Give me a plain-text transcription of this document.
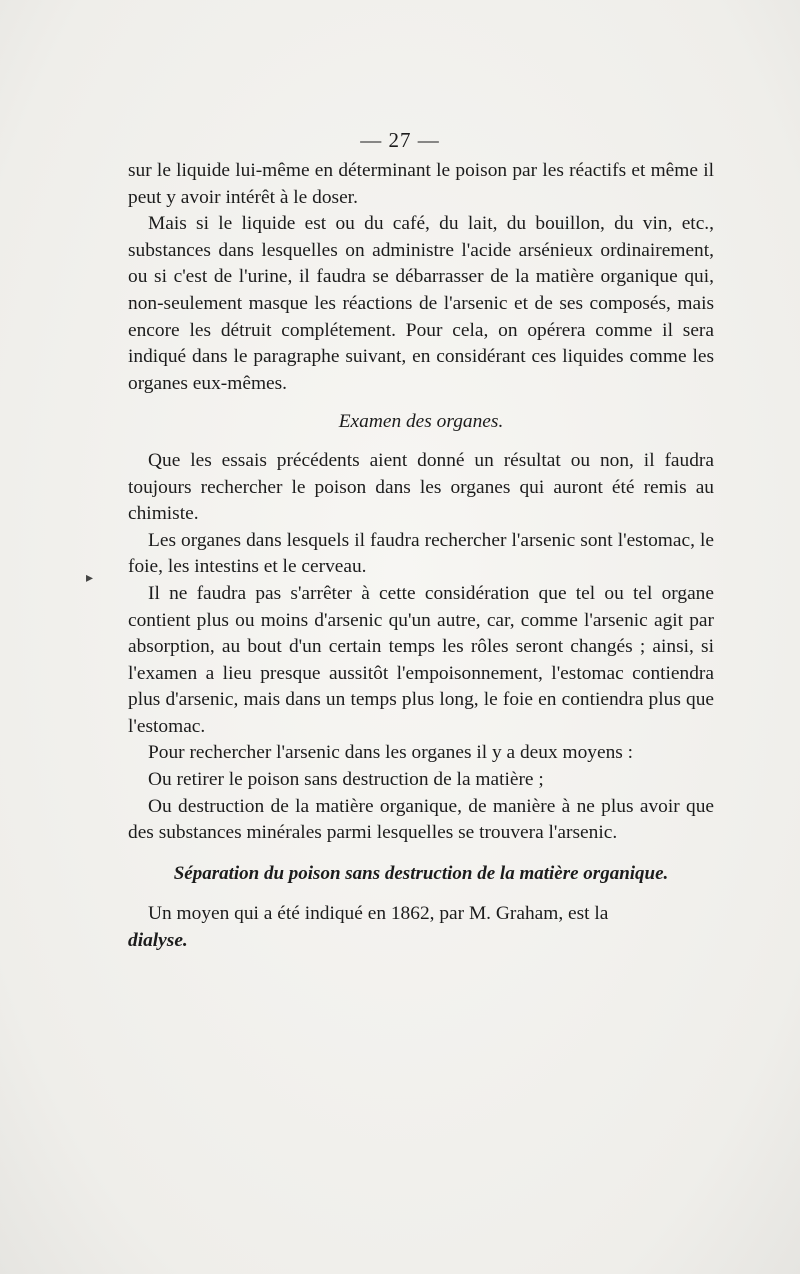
— 27 —
▸

sur le liquide lui-même en déterminant le poison par les réactifs et même il peut y avoir intérêt à le doser.

Mais si le liquide est ou du café, du lait, du bouillon, du vin, etc., substances dans lesquelles on administre l'acide arsénieux ordinairement, ou si c'est de l'urine, il faudra se débarrasser de la matière organique qui, non-seulement masque les réactions de l'arsenic et de ses composés, mais encore les détruit complétement. Pour cela, on opérera comme il sera indiqué dans le paragraphe suivant, en considérant ces liquides comme les organes eux-mêmes.

Examen des organes.

Que les essais précédents aient donné un résultat ou non, il faudra toujours rechercher le poison dans les organes qui auront été remis au chimiste.

Les organes dans lesquels il faudra rechercher l'arsenic sont l'estomac, le foie, les intestins et le cerveau.

Il ne faudra pas s'arrêter à cette considération que tel ou tel organe contient plus ou moins d'arsenic qu'un autre, car, comme l'arsenic agit par absorption, au bout d'un certain temps les rôles seront changés ; ainsi, si l'examen a lieu presque aussitôt l'empoisonnement, l'estomac contiendra plus d'arsenic, mais dans un temps plus long, le foie en contiendra plus que l'estomac.

Pour rechercher l'arsenic dans les organes il y a deux moyens :

Ou retirer le poison sans destruction de la matière ;

Ou destruction de la matière organique, de manière à ne plus avoir que des substances minérales parmi lesquelles se trouvera l'arsenic.

Séparation du poison sans destruction de la matière organique.

Un moyen qui a été indiqué en 1862, par M. Graham, est la
dialyse.
